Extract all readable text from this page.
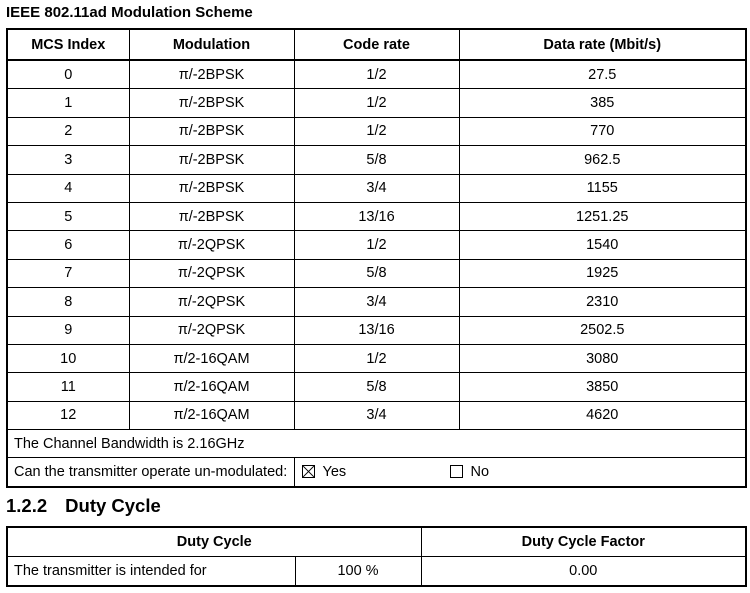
IEEE 802.11ad Modulation Scheme
MCS Index	Modulation	Code rate	Data rate (Mbit/s)
0	π/-2BPSK	1/2	27.5
1	π/-2BPSK	1/2	385
2	π/-2BPSK	1/2	770
3	π/-2BPSK	5/8	962.5
4	π/-2BPSK	3/4	1155
5	π/-2BPSK	13/16	1251.25
6	π/-2QPSK	1/2	1540
7	π/-2QPSK	5/8	1925
8	π/-2QPSK	3/4	2310
9	π/-2QPSK	13/16	2502.5
10	π/2-16QAM	1/2	3080
11	π/2-16QAM	5/8	3850
12	π/2-16QAM	3/4	4620
The Channel Bandwidth is 2.16GHz			
Can the transmitter operate un-modulated:		Yes No	
1.2.2 Duty Cycle
Duty Cycle		Duty Cycle Factor
The transmitter is intended for	100 %	0.00
